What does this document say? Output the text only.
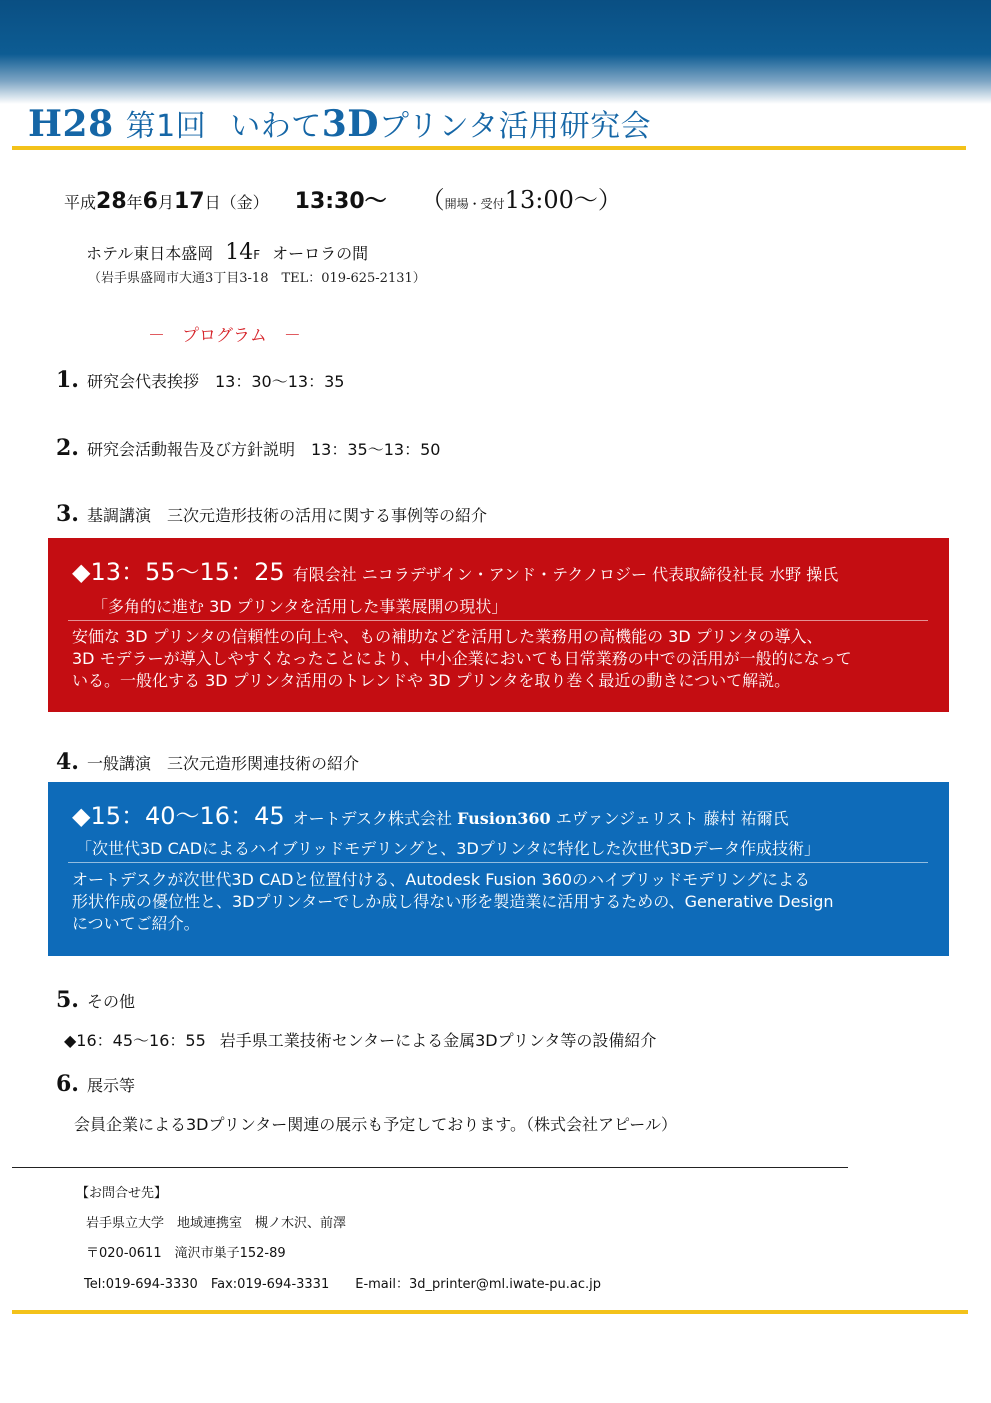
H28 第1回 いわて3Dプリンタ活用研究会
平成28年6月17日（金） 13:30～ （開場・受付13:00～）
ホテル東日本盛岡 14F オーロラの間
（岩手県盛岡市大通3丁目3-18　TEL：019-625-2131）
－　プログラム　－
1. 研究会代表挨拶 13：30～13：35
2. 研究会活動報告及び方針説明 13：35～13：50
3. 基調講演　三次元造形技術の活用に関する事例等の紹介
◆13：55～15：25 有限会社 ニコラデザイン・アンド・テクノロジー 代表取締役社長 水野 操氏
「多角的に進む 3D プリンタを活用した事業展開の現状」
安価な 3D プリンタの信頼性の向上や、もの補助などを活用した業務用の高機能の 3D プリンタの導入、
3D モデラーが導入しやすくなったことにより、中小企業においても日常業務の中での活用が一般的になって
いる。一般化する 3D プリンタ活用のトレンドや 3D プリンタを取り巻く最近の動きについて解説。
4. 一般講演　三次元造形関連技術の紹介
◆15：40～16：45 オートデスク株式会社 Fusion360 エヴァンジェリスト 藤村 祐爾氏
「次世代3D CADによるハイブリッドモデリングと、3Dプリンタに特化した次世代3Dデータ作成技術」
オートデスクが次世代3D CADと位置付ける、Autodesk Fusion 360のハイブリッドモデリングによる
形状作成の優位性と、3Dプリンターでしか成し得ない形を製造業に活用するための、Generative Design
についてご紹介。
5. その他
◆16：45～16：55 岩手県工業技術センターによる金属3Dプリンタ等の設備紹介
6. 展示等
会員企業による3Dプリンター関連の展示も予定しております。（株式会社アピール）
【お問合せ先】
岩手県立大学　地域連携室　槻ノ木沢、前澤
〒020-0611　滝沢市巣子152-89
Tel:019-694-3330　Fax:019-694-3331　　E-mail：3d_printer@ml.iwate-pu.ac.jp
